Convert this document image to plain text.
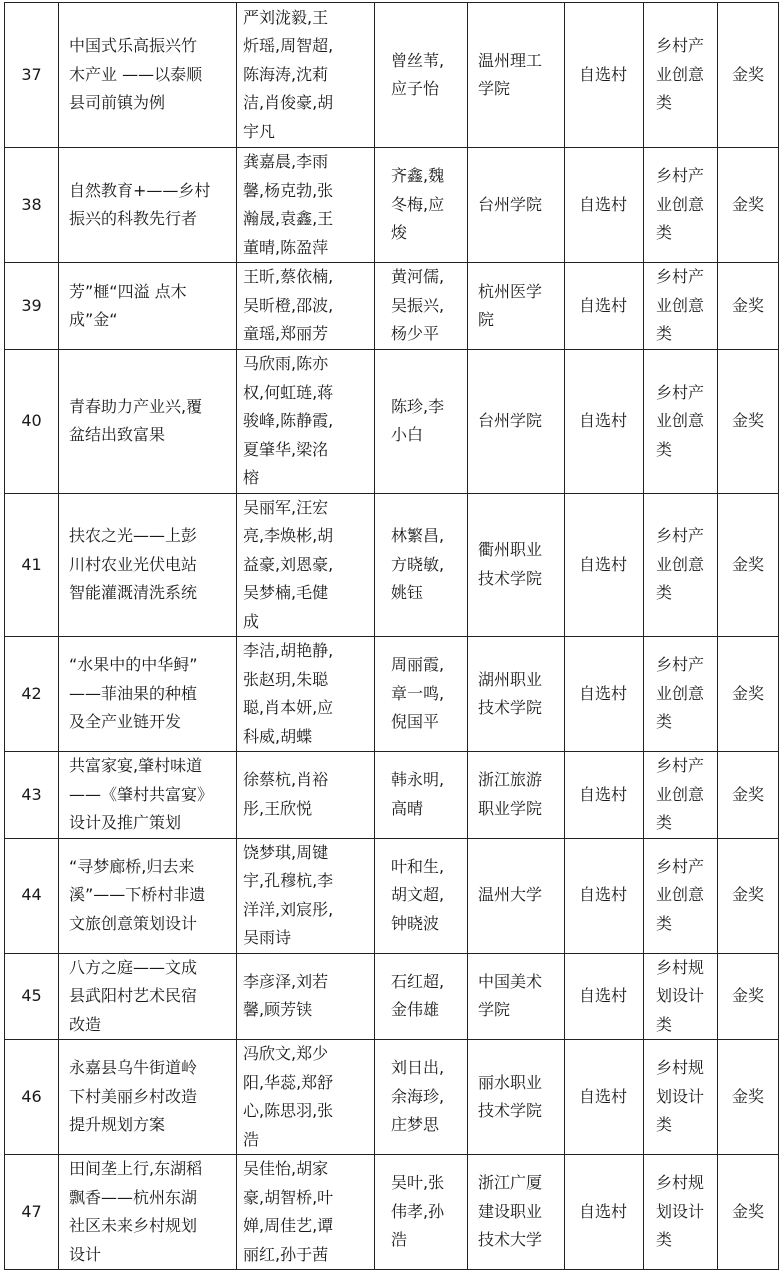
37	中国式乐高振兴竹
木产业 ——以泰顺
县司前镇为例	严刘泷毅,王
炘瑶,周智超,
陈海涛,沈莉
洁,肖俊豪,胡
宇凡	曾丝苇,
应子怡	温州理工
学院	自选村	乡村产
业创意
类	金奖

38	自然教育+——乡村
振兴的科教先行者	龚嘉晨,李雨
馨,杨克勃,张
瀚晟,袁鑫,王
董晴,陈盈萍	齐鑫,魏
冬梅,应
焌	台州学院	自选村	乡村产
业创意
类	金奖

39	芳”榧“四溢 点木
成”金“	王昕,蔡依楠,
吴昕橙,邵波,
童瑶,郑丽芳	黄河儒,
吴振兴,
杨少平	杭州医学
院	自选村	乡村产
业创意
类	金奖

40	青春助力产业兴,覆
盆结出致富果	马欣雨,陈亦
权,何虹琏,蒋
骏峰,陈静霞,
夏肇华,梁洺
榕	陈珍,李
小白	台州学院	自选村	乡村产
业创意
类	金奖

41	扶农之光——上彭
川村农业光伏电站
智能灌溉清洗系统	吴丽军,汪宏
亮,李焕彬,胡
益豪,刘恩豪,
吴梦楠,毛健
成	林繁昌,
方晓敏,
姚钰	衢州职业
技术学院	自选村	乡村产
业创意
类	金奖

42	“水果中的中华鲟”
——菲油果的种植
及全产业链开发	李洁,胡艳静,
张赵玥,朱聪
聪,肖本妍,应
科威,胡蝶	周丽霞,
章一鸣,
倪国平	湖州职业
技术学院	自选村	乡村产
业创意
类	金奖

43	共富家宴,肇村味道
——《肇村共富宴》
设计及推广策划	徐蔡杭,肖裕
彤,王欣悦	韩永明,
高晴	浙江旅游
职业学院	自选村	乡村产
业创意
类	金奖

44	“寻梦廊桥,归去来
溪”——下桥村非遗
文旅创意策划设计	饶梦琪,周键
宇,孔穆杭,李
洋洋,刘宸彤,
吴雨诗	叶和生,
胡文超,
钟晓波	温州大学	自选村	乡村产
业创意
类	金奖

45	八方之庭——文成
县武阳村艺术民宿
改造	李彦泽,刘若
馨,顾芳铗	石红超,
金伟雄	中国美术
学院	自选村	乡村规
划设计
类	金奖

46	永嘉县乌牛街道岭
下村美丽乡村改造
提升规划方案	冯欣文,郑少
阳,华蕊,郑舒
心,陈思羽,张
浩	刘日出,
余海珍,
庄梦思	丽水职业
技术学院	自选村	乡村规
划设计
类	金奖

47	田间垄上行,东湖稻
飘香——杭州东湖
社区未来乡村规划
设计	吴佳怡,胡家
豪,胡智桥,叶
婵,周佳艺,谭
丽红,孙于茜	吴叶,张
伟孝,孙
浩	浙江广厦
建设职业
技术大学	自选村	乡村规
划设计
类	金奖
